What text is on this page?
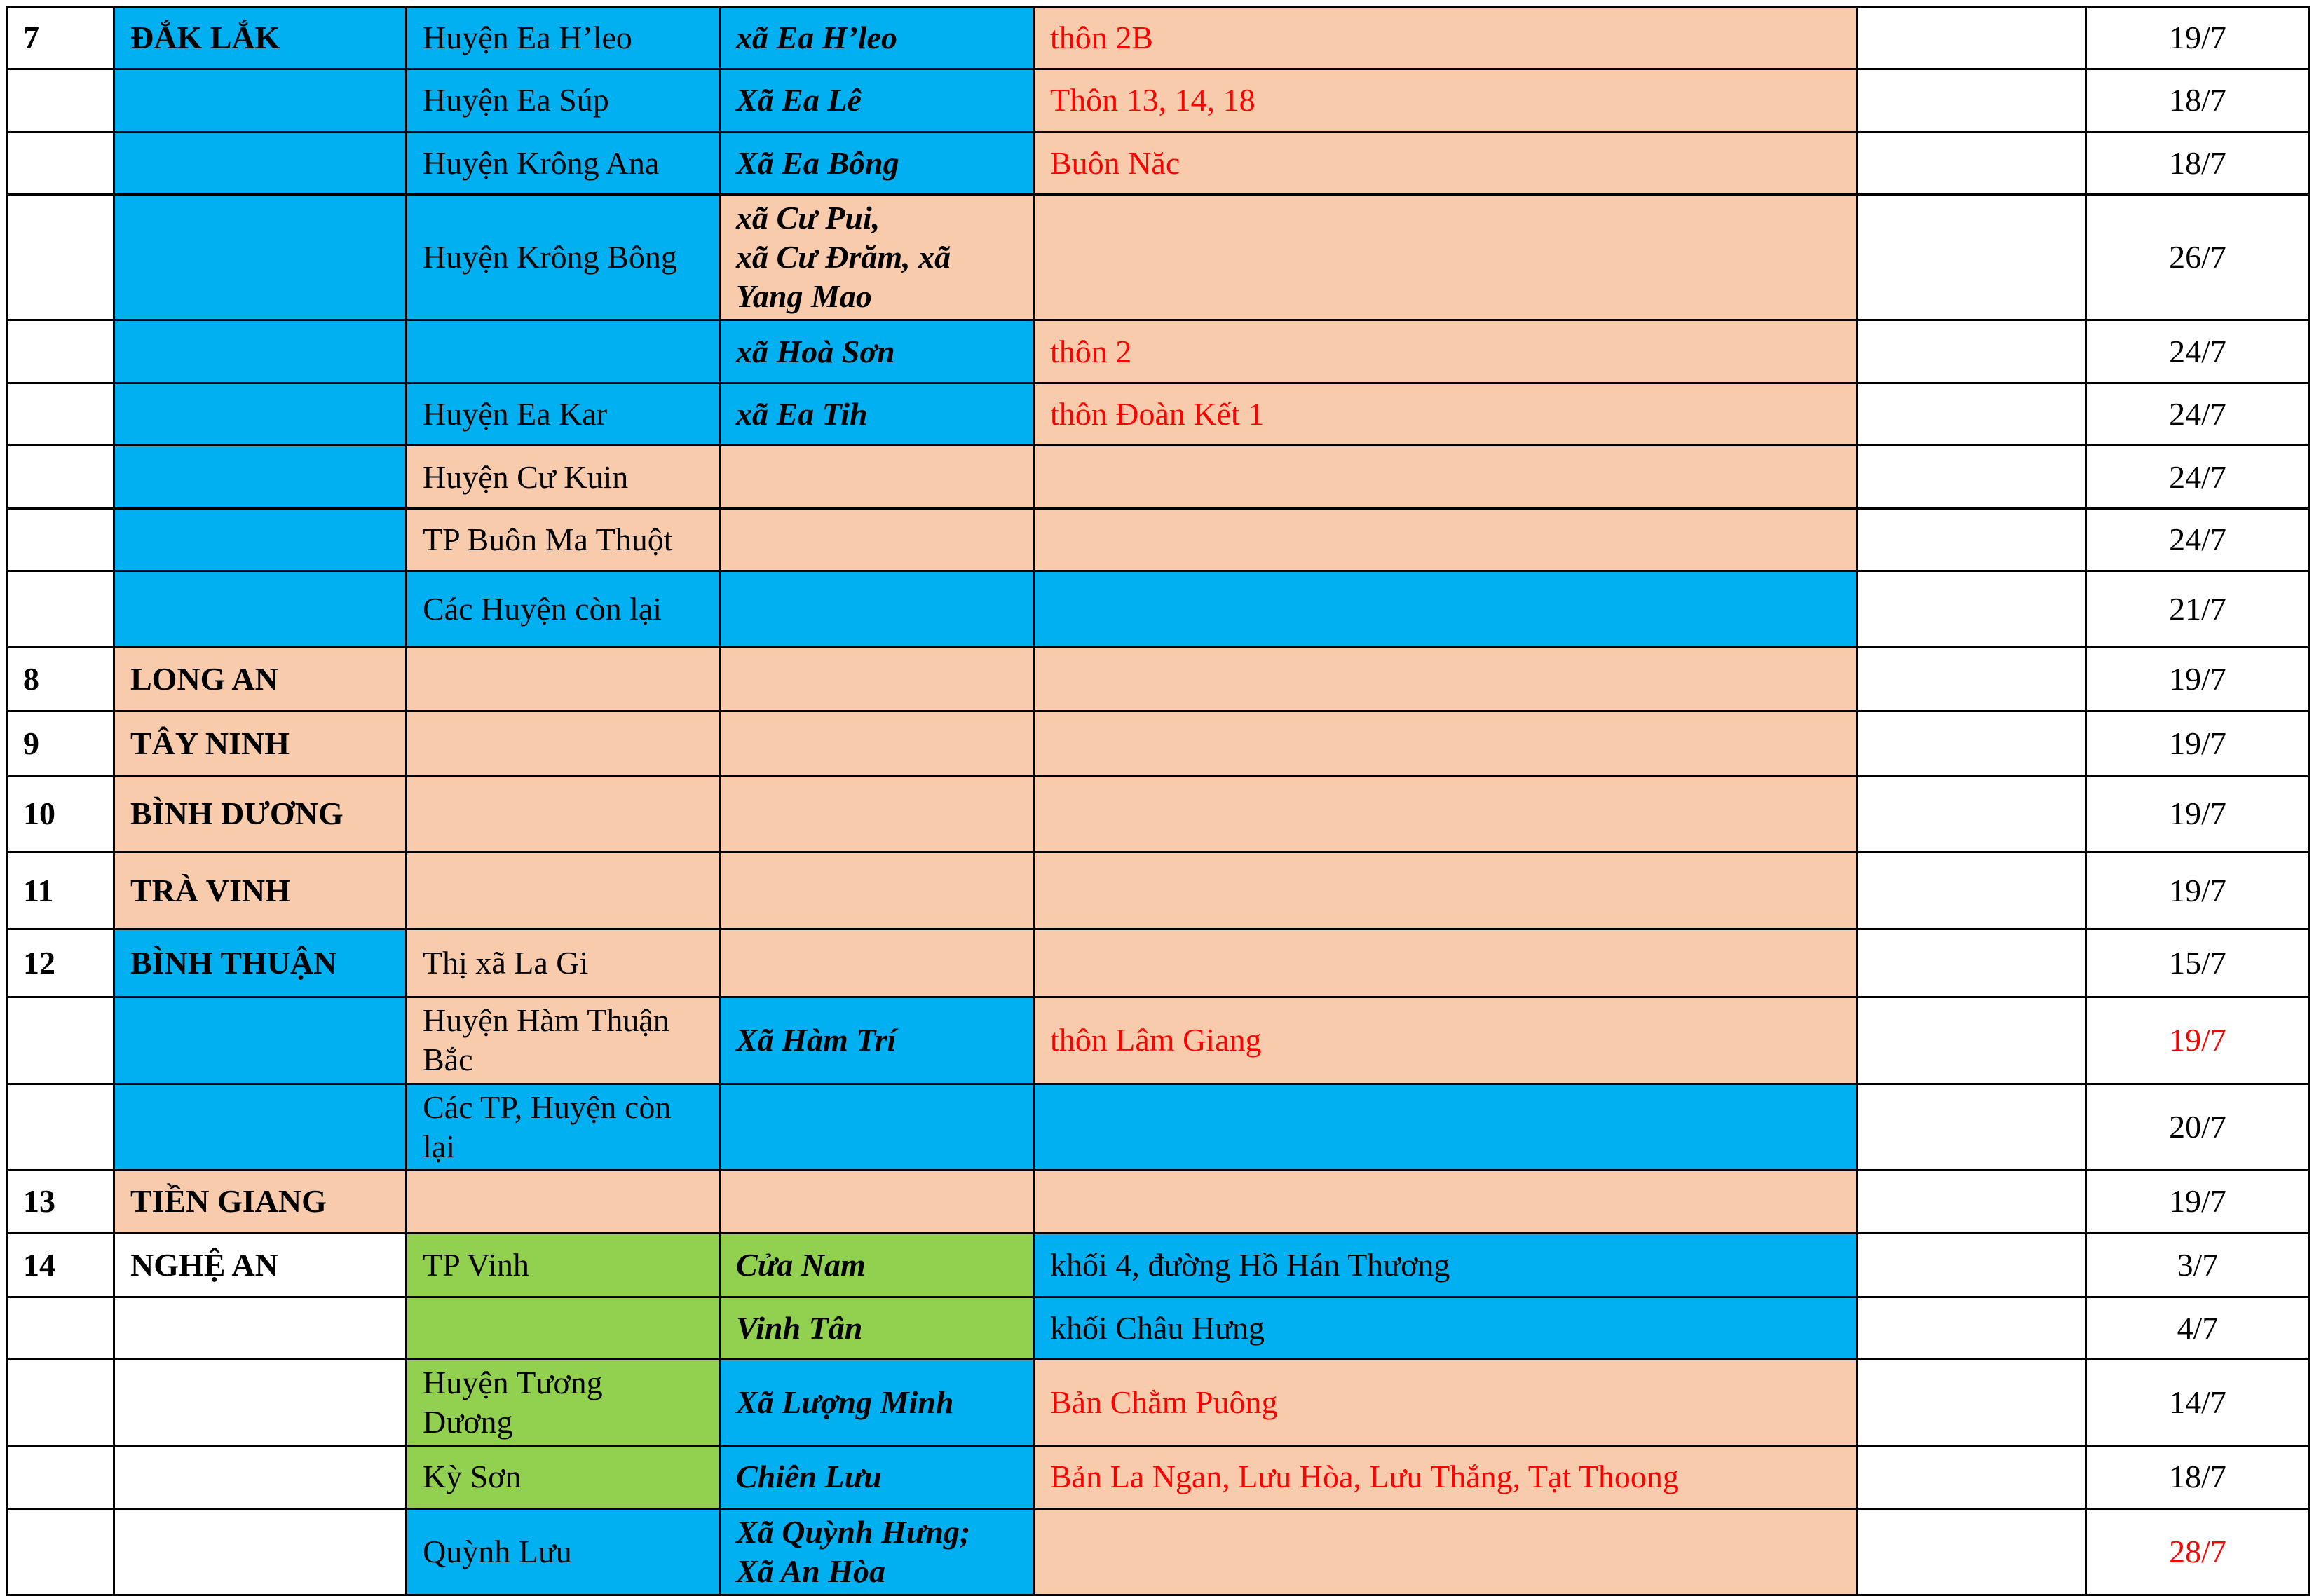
7	ĐẮK LẮK	Huyện Ea H’leo	xã Ea H’leo	thôn 2B		19/7
		Huyện Ea Súp	Xã Ea Lê	Thôn 13, 14, 18		18/7
		Huyện Krông Ana	Xã Ea Bông	Buôn Năc		18/7
		Huyện Krông Bông	xã Cư Pui,
xã Cư Đrăm, xã
Yang Mao			26/7
			xã Hoà Sơn	thôn 2		24/7
		Huyện Ea Kar	xã Ea Tih	thôn Đoàn Kết 1		24/7
		Huyện Cư Kuin				24/7
		TP Buôn Ma Thuột				24/7
		Các Huyện còn lại				21/7
8	LONG AN					19/7
9	TÂY NINH					19/7
10	BÌNH DƯƠNG					19/7
11	TRÀ VINH					19/7
12	BÌNH THUẬN	Thị xã La Gi				15/7
		Huyện Hàm Thuận
Bắc	Xã Hàm Trí	thôn Lâm Giang		19/7
		Các TP, Huyện còn
lại				20/7
13	TIỀN GIANG					19/7
14	NGHỆ AN	TP Vinh	Cửa Nam	khối 4, đường Hồ Hán Thương		3/7
			Vinh Tân	khối Châu Hưng		4/7
		Huyện Tương
Dương	Xã Lượng Minh	Bản Chằm Puông		14/7
		Kỳ Sơn	Chiên Lưu	Bản La Ngan, Lưu Hòa, Lưu Thắng, Tạt Thoong		18/7
		Quỳnh Lưu	Xã Quỳnh Hưng;
Xã An Hòa			28/7
